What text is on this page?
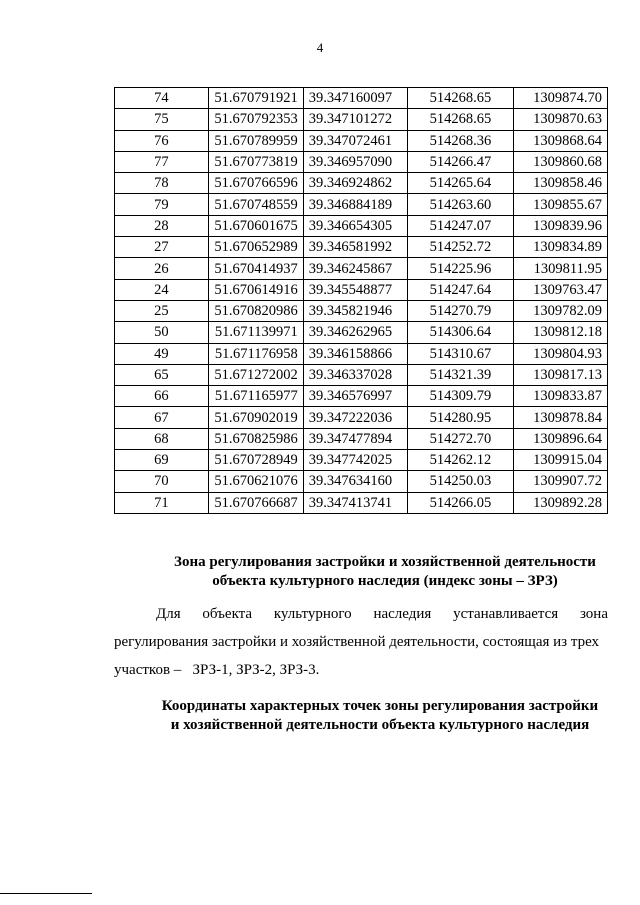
4
74	51.670791921	39.347160097	514268.65	1309874.70
75	51.670792353	39.347101272	514268.65	1309870.63
76	51.670789959	39.347072461	514268.36	1309868.64
77	51.670773819	39.346957090	514266.47	1309860.68
78	51.670766596	39.346924862	514265.64	1309858.46
79	51.670748559	39.346884189	514263.60	1309855.67
28	51.670601675	39.346654305	514247.07	1309839.96
27	51.670652989	39.346581992	514252.72	1309834.89
26	51.670414937	39.346245867	514225.96	1309811.95
24	51.670614916	39.345548877	514247.64	1309763.47
25	51.670820986	39.345821946	514270.79	1309782.09
50	51.671139971	39.346262965	514306.64	1309812.18
49	51.671176958	39.346158866	514310.67	1309804.93
65	51.671272002	39.346337028	514321.39	1309817.13
66	51.671165977	39.346576997	514309.79	1309833.87
67	51.670902019	39.347222036	514280.95	1309878.84
68	51.670825986	39.347477894	514272.70	1309896.64
69	51.670728949	39.347742025	514262.12	1309915.04
70	51.670621076	39.347634160	514250.03	1309907.72
71	51.670766687	39.347413741	514266.05	1309892.28
Зона регулирования застройки и хозяйственной деятельности
объекта культурного наследия (индекс зоны – ЗРЗ)
Для объекта культурного наследия устанавливается зона
регулирования застройки и хозяйственной деятельности, состоящая из трех
участков –   ЗРЗ-1, ЗРЗ-2, ЗРЗ-3.
Координаты характерных точек зоны регулирования застройки
и хозяйственной деятельности объекта культурного наследия
